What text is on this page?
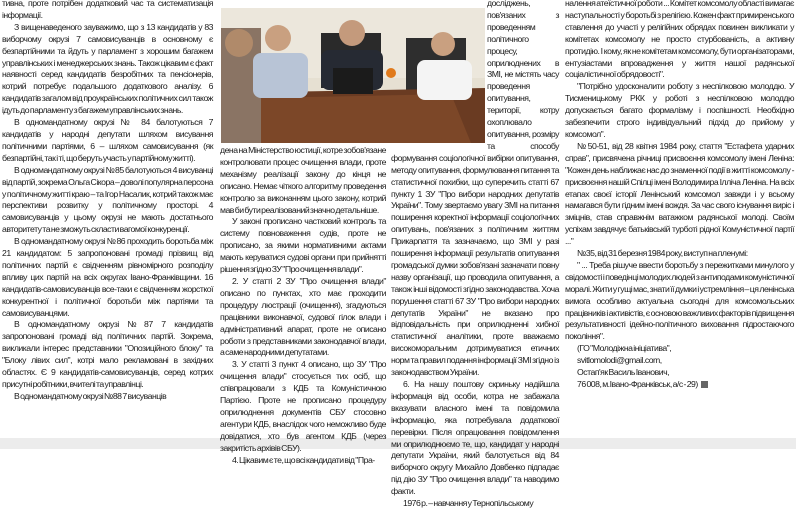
тивна, проте потрібен додатковий час та систематизація інформації.

З вищенаведеного зауважимо, що з 13 кандидатів у 83 виборчому окрузі 7 самовисуванців в основному є безпартійними та йдуть у парламент з хорошим багажем управлінських і менеджерських знань. Також цікавим є факт наявності серед кандидатів безробітних та пенсіонерів, котрий потребує подальшого додаткового аналізу. 6 кандидатів загалом від проукраїнських політичних сил також ідуть до парламенту з багажем управлінських знань.

В одномандатному окрузі № 84 балотуються 7 кандидатів у народні депутати шляхом висування політичними партіями, 6 – шляхом самовисування (як безпартійні, так і ті, що беруть участь у партійному житті).

В одномандатному окрузі №85 балотуються 4 висуванці від партій, зокрема Ольга Сікора – доволі популярна персона у політичному житті краю – та Ігор Насалик, котрий також має перспективи розвитку у політичному просторі. 4 самовисуванців у цьому окрузі не мають достатнього авторитету та не зможуть скласти вагомої конкуренції.

В одномандатному окрузі №86 проходить боротьба між 21 кандидатом: 5 запропоновані громаді прізвищ від політичних партій є свідченням рівномірного розподілу впливу цих партій на всіх округах Івано-Франківщини. 16 кандидатів-самовисуванців все-таки є свідченням жорсткої конкурентної і політичної боротьби між партіями та самовисуванцями.

В одномандатному окрузі №87 7 кандидатів запропоновані громаді від політичних партій. Зокрема, викликали інтерес представники "Опозиційного блоку" та "Блоку лівих сил", котрі мало рекламовані в західних областях. Є 9 кандидатів-самовисуванців, серед котрих присутні робітники, вчителі та управлінці.

В одномандатному окрузі №88 7 висуванців

дена на Міністерство юстиції, котре зобов'язане контролювати процес очищення влади, проте механізму реалізації закону до кінця не описано. Немає чіткого алгоритму проведення контролю за виконанням цього закону, котрий мав би бути реалізований значно детальніше.

У законі прописано частковий контроль та систему повноваження судів, проте не прописано, за якими нормативними актами мають керуватися судові органи при прийнятті рішення згідно ЗУ "Про очищення влади".

2. У статті 2 ЗУ "Про очищення влади" описано по пунктах, хто має проходити процедуру люстрації (очищення), згадуються працівники виконавчої, судової гілок влади і адміністративний апарат, проте не описано роботи з представниками законодавчої влади, а саме народними депутатами.

3. У статті 3 пункт 4 описано, що ЗУ "Про очищення влади" стосується тих осіб, що співпрацювали з КДБ та Комуністичною Партією. Проте не прописано процедуру оприлюднення документів СБУ стосовно агентури КДБ, внаслідок чого неможливо буде довідатися, хто був агентом КДБ (через закритість архівів СБУ).

4. Цікавим є те, що всі кандидати від "Пра-

досліджень, пов'язаних з проведенням політичного процесу, оприлюднених в ЗМІ, не містять часу проведення опитування, території, котру охоплювало опитування, розміру та способу формування соціологічної вибірки опитування, методу опитування, формулювання питання та статистичної похибки, що суперечить статті 67 пункту 1 ЗУ "Про вибори народних депутатів України". Тому звертаємо увагу ЗМІ на питання поширення коректної інформації соціологічних опитувань, пов'язаних з політичним життям Прикарпаття та зазначаємо, що ЗМІ у разі поширення інформації результатів опитування громадської думки зобов'язані зазначати повну назву організації, що проводила опитування, а також інші відомості згідно законодавства. Хоча порушення статті 67 ЗУ "Про вибори народних депутатів України" не вказано про відповідальність при оприлюдненні хибної статистичної аналітики, проте вважаємо високоморальним дотримуватися етичних норм та правил подання інформації ЗМІ згідно із законодавством України.

6. На нашу поштову скриньку надійшла інформація від особи, котра не забажала вказувати власного імені та повідомила інформацію, яка потребувала додаткової перевірки. Після опрацювання повідомлення ми оприлюднюємо те, що, кандидат у народні депутати України, який балотується від 84 виборчого округу Михайло Довбенко підпадає під дію ЗУ "Про очищення влади" та наводимо факти.

1976 р. – навчання у Тернопільському

налення атеїстичної роботи ... Комітет комсомолу області вимагає наступальності у боротьбі з релігією. Кожен факт примиренського ставлення до участі у релігійних обрядах повинен викликати у комітетах комсомолу не просто стурбованість, а активну протидію. І кому, як не комітетам комсомолу, бути організаторами, ентузіастами впровадження у життя нашої радянської соціалістичної обрядовості".

"Потрібно удосконалити роботу з неспілковою молоддю. У Тисменицькому РКК у роботі з неспілковою молоддю допускається багато формалізму і поспішності. Необхідно забезпечити строго індивідуальний підхід до прийому у комсомол".

№50-51, від 28 квітня 1984 року, стаття "Естафета ударних справ", присвячена річниці присвоєння комсомолу імені Леніна: "Кожен день наближає нас до знаменної події в житті комсомолу - присвоєння нашій Спілці імені Володимира Ілліча Леніна. На всіх етапах своєї історії Ленінський комсомол завжди і у всьому намагався бути гідним імені вождя. За час свого існування виріс і зміцнів, став справжнім ватажком радянської молоді. Своїм успіхам завдячує батьківській турботі рідної Комуністичної партії ..."

№35, від 31 березня 1984 року, виступ на пленумі:

" ... Треба рішуче ввести боротьбу з пережитками минулого у свідомості і поведінці молодих людей з антиподами комуністичної моралі. Жити у гущі мас, знати її думки і устремління – ця ленінська вимога особливо актуальна сьогодні для комсомольських працівників і активістів, є основою важливих факторів підвищення результативності ідейно-політичного виховання підростаючого покоління".

(ГО "Молодіжна ініціатива",

svitlomolodi@gmail.com,

Остап'як Василь Іванович,

76 008, м.Івано-Франківськ, а/с - 29)
